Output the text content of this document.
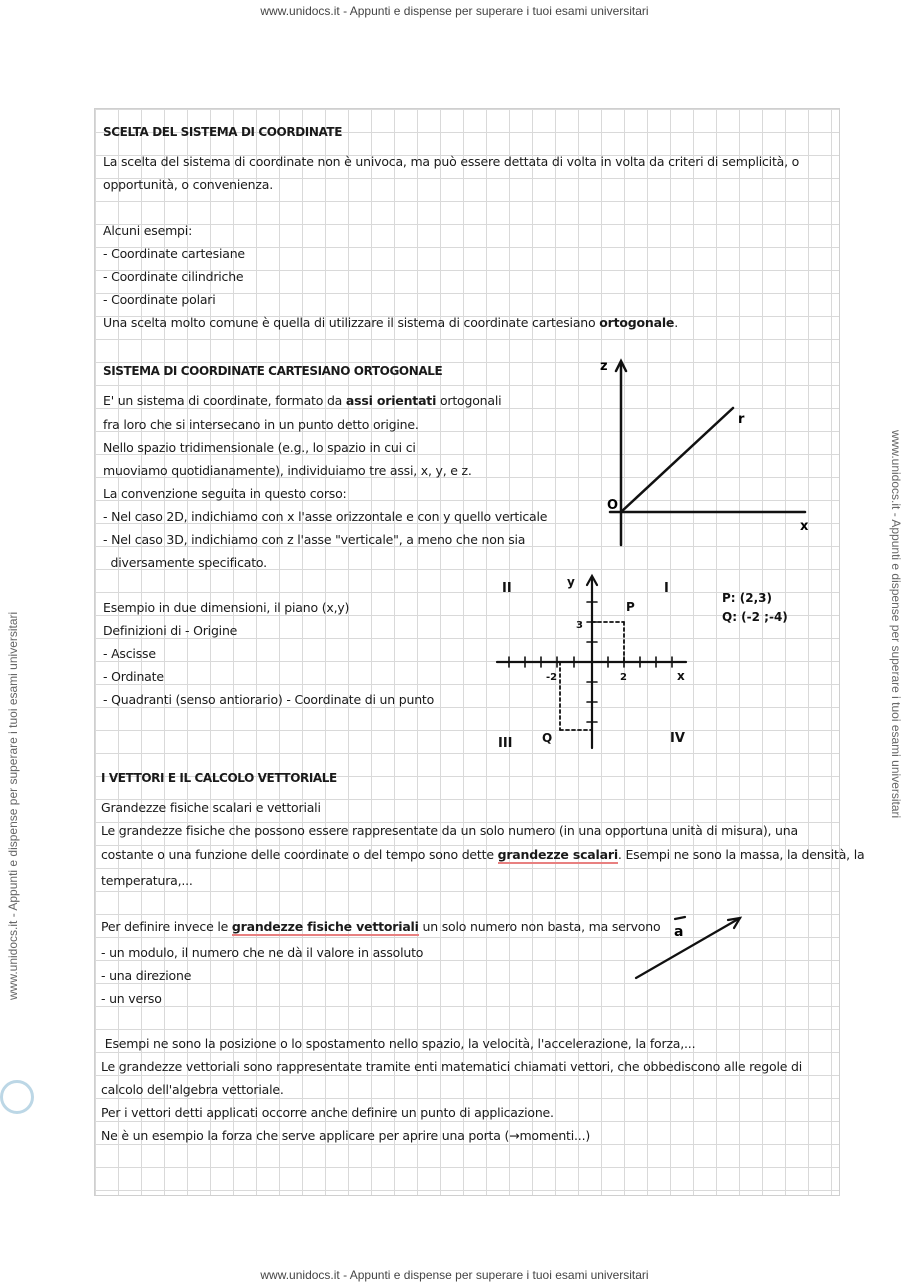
www.unidocs.it - Appunti e dispense per superare i tuoi esami universitari
www.unidocs.it - Appunti e dispense per superare i tuoi esami universitari
www.unidocs.it - Appunti e dispense per superare i tuoi esami universitari	www.unidocs.it - Appunti e dispense per superare i tuoi esami universitari
SCELTA DEL SISTEMA DI COORDINATE
La scelta del sistema di coordinate non è univoca, ma può essere dettata di volta in volta da criteri di semplicità, o
opportunità, o convenienza.
Alcuni esempi:
- Coordinate cartesiane
- Coordinate cilindriche
- Coordinate polari
Una scelta molto comune è quella di utilizzare il sistema di coordinate cartesiano ortogonale.
SISTEMA DI COORDINATE CARTESIANO ORTOGONALE
E' un sistema di coordinate, formato da assi orientati ortogonali
fra loro che si intersecano in un punto detto origine.
Nello spazio tridimensionale (e.g., lo spazio in cui ci
muoviamo quotidianamente), individuiamo tre assi, x, y, e z.
La convenzione seguita in questo corso:
- Nel caso 2D, indichiamo con x l'asse orizzontale e con y quello verticale
- Nel caso 3D, indichiamo con z l'asse "verticale", a meno che non sia
diversamente specificato.
Esempio in due dimensioni, il piano (x,y)
Definizioni di - Origine
- Ascisse
- Ordinate
- Quadranti (senso antiorario) - Coordinate di un punto
z
x
O
r
II	I
III	IV
y
x
P
Q
3
2
-2
P: (2,3)
Q: (-2 ;-4)
I VETTORI E IL CALCOLO VETTORIALE
Grandezze fisiche scalari e vettoriali
Le grandezze fisiche che possono essere rappresentate da un solo numero (in una opportuna unità di misura), una
costante o una funzione delle coordinate o del tempo sono dette grandezze scalari. Esempi ne sono la massa, la densità, la
temperatura,...
Per definire invece le grandezze fisiche vettoriali un solo numero non basta, ma servono
- un modulo, il numero che ne dà il valore in assoluto
- una direzione
- un verso
Esempi ne sono la posizione o lo spostamento nello spazio, la velocità, l'accelerazione, la forza,...
Le grandezze vettoriali sono rappresentate tramite enti matematici chiamati vettori, che obbediscono alle regole di
calcolo dell'algebra vettoriale.
Per i vettori detti applicati occorre anche definire un punto di applicazione.
Ne è un esempio la forza che serve applicare per aprire una porta (→momenti...)
a
